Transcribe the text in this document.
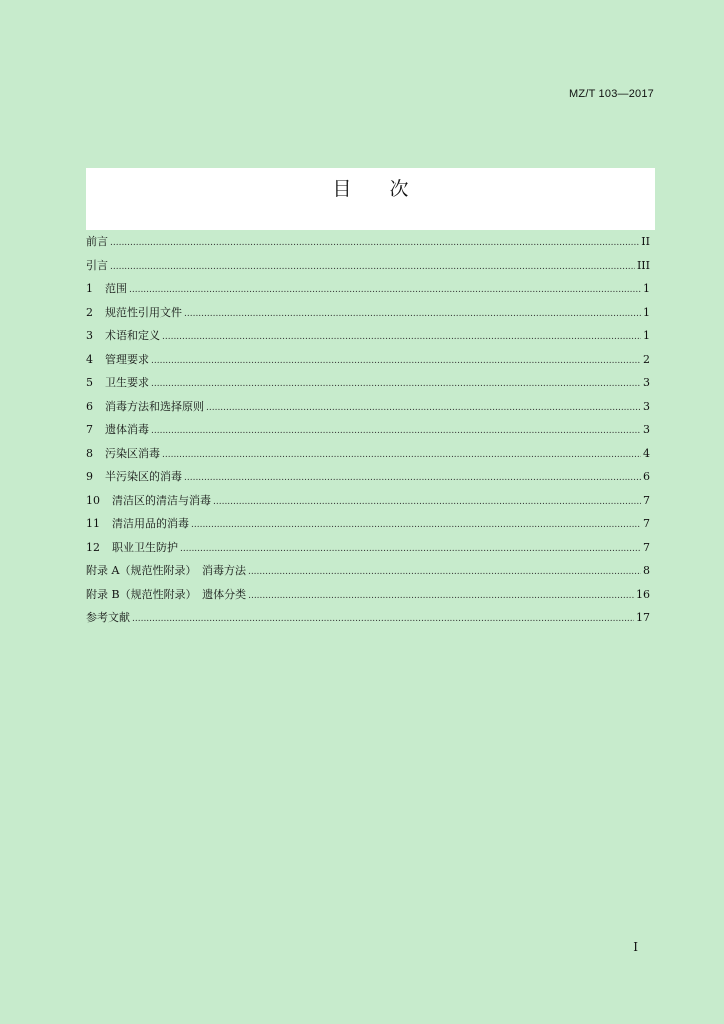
MZ/T 103—2017
目　　次
前言 .....	II
引言 .....	III
1	范围 .....	1
2	规范性引用文件 .....	1
3	术语和定义 .....	1
4	管理要求 .....	2
5	卫生要求 .....	3
6	消毒方法和选择原则 .....	3
7	遗体消毒 .....	3
8	污染区消毒 .....	4
9	半污染区的消毒 .....	6
10	清洁区的清洁与消毒 .....	7
11	清洁用品的消毒 .....	7
12	职业卫生防护 .....	7
附录 A（规范性附录）　消毒方法 .....	8
附录 B（规范性附录）　遗体分类 .....	16
参考文献 .....	17
I
